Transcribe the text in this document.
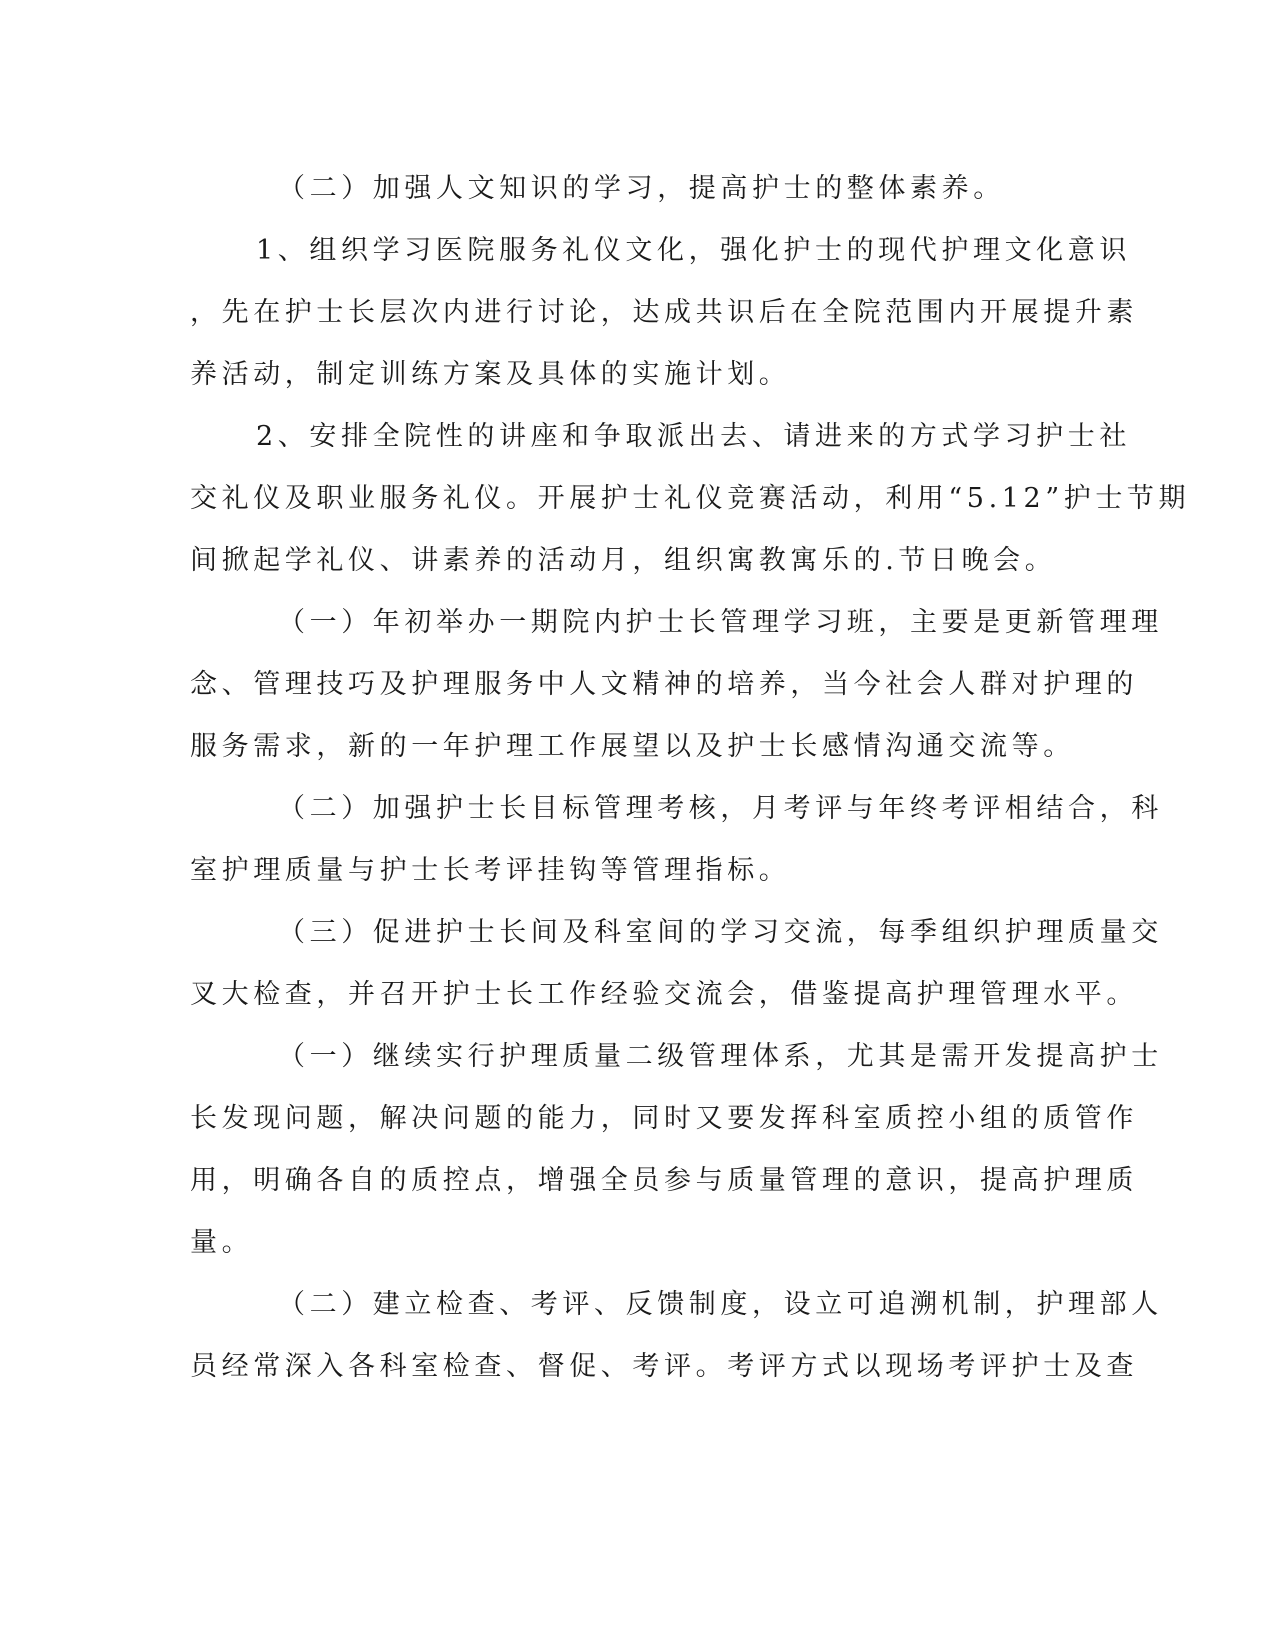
（二）加强人文知识的学习，提高护士的整体素养。
1、组织学习医院服务礼仪文化，强化护士的现代护理文化意识
，先在护士长层次内进行讨论，达成共识后在全院范围内开展提升素
养活动，制定训练方案及具体的实施计划。
2、安排全院性的讲座和争取派出去、请进来的方式学习护士社
交礼仪及职业服务礼仪。开展护士礼仪竞赛活动，利用“5.12”护士节期
间掀起学礼仪、讲素养的活动月，组织寓教寓乐的.节日晚会。
（一）年初举办一期院内护士长管理学习班，主要是更新管理理
念、管理技巧及护理服务中人文精神的培养，当今社会人群对护理的
服务需求，新的一年护理工作展望以及护士长感情沟通交流等。
（二）加强护士长目标管理考核，月考评与年终考评相结合，科
室护理质量与护士长考评挂钩等管理指标。
（三）促进护士长间及科室间的学习交流，每季组织护理质量交
叉大检查，并召开护士长工作经验交流会，借鉴提高护理管理水平。
（一）继续实行护理质量二级管理体系，尤其是需开发提高护士
长发现问题，解决问题的能力，同时又要发挥科室质控小组的质管作
用，明确各自的质控点，增强全员参与质量管理的意识，提高护理质
量。
（二）建立检查、考评、反馈制度，设立可追溯机制，护理部人
员经常深入各科室检查、督促、考评。考评方式以现场考评护士及查
